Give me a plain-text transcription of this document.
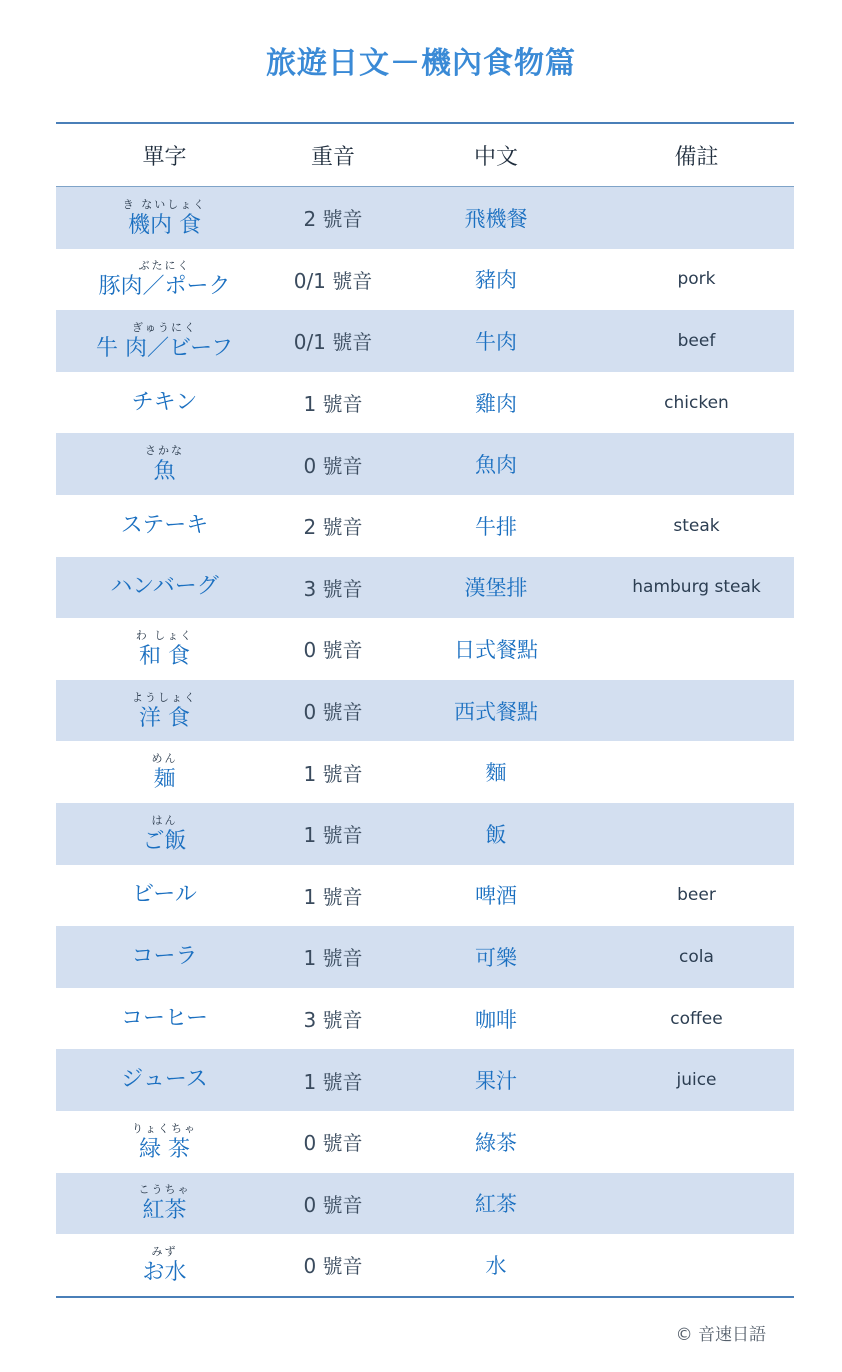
旅遊日文－機內食物篇
單字	重音	中文	備註
き ないしょく
機内 食	2 號音	飛機餐
ぶたにく
豚肉／ポーク	0/1 號音	豬肉	pork
ぎゅうにく
牛 肉／ビーフ	0/1 號音	牛肉	beef
チキン	1 號音	雞肉	chicken
さかな
魚	0 號音	魚肉
ステーキ	2 號音	牛排	steak
ハンバーグ	3 號音	漢堡排	hamburg steak
わ しょく
和 食	0 號音	日式餐點
ようしょく
洋 食	0 號音	西式餐點
めん
麺	1 號音	麵
はん
ご飯	1 號音	飯
ビール	1 號音	啤酒	beer
コーラ	1 號音	可樂	cola
コーヒー	3 號音	咖啡	coffee
ジュース	1 號音	果汁	juice
りょくちゃ
緑 茶	0 號音	綠茶
こうちゃ
紅茶	0 號音	紅茶
みず
お水	0 號音	水
© 音速日語
